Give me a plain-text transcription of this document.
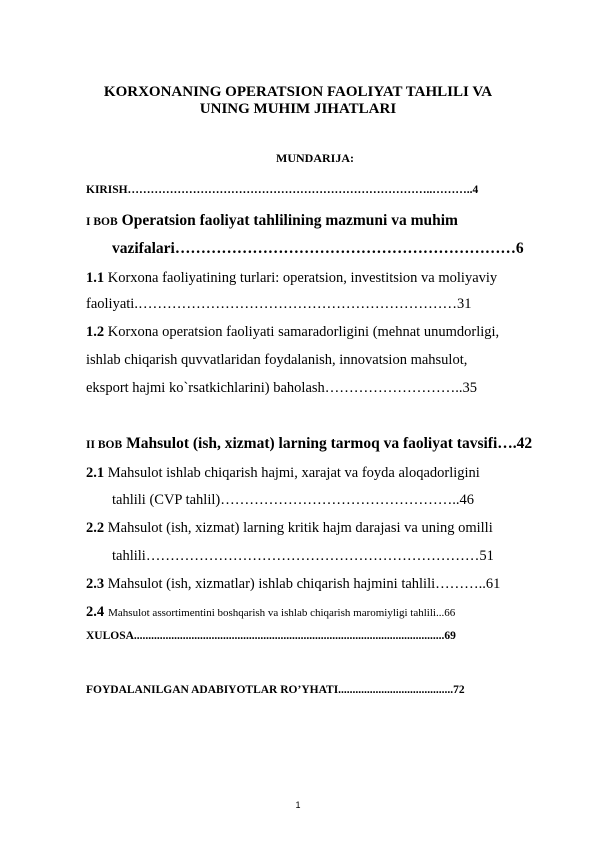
KORXONANING OPERATSION FAOLIYAT TAHLILI VA
UNING MUHIM JIHATLARI
MUNDARIJA:
KIRISH……………………………………………………………………..………..4
I BOB Operatsion faoliyat tahlilining mazmuni va muhim
vazifalari…………………………………………………………6
1.1 Korxona faoliyatining turlari: operatsion, investitsion va moliyaviy
faoliyati.…………………………………………………………31
1.2 Korxona operatsion faoliyati samaradorligini (mehnat unumdorligi,
ishlab chiqarish quvvatlaridan foydalanish, innovatsion mahsulot,
eksport hajmi ko`rsatkichlarini) baholash………………………..35
II BOB Mahsulot (ish, xizmat) larning tarmoq va faoliyat tavsifi….42
2.1 Mahsulot ishlab chiqarish hajmi, xarajat va foyda aloqadorligini
tahlili (CVP tahlil)…………………………………………..46
2.2 Mahsulot (ish, xizmat) larning kritik hajm darajasi va uning omilli
tahlili……………………………………………………………51
2.3 Mahsulot (ish, xizmatlar) ishlab chiqarish hajmini tahlili………..61
2.4 Mahsulot assortimentini boshqarish va ishlab chiqarish maromiyligi tahlili...66
XULOSA............................................................................................................69
FOYDALANILGAN ADABIYOTLAR RO’YHATI........................................72
1
